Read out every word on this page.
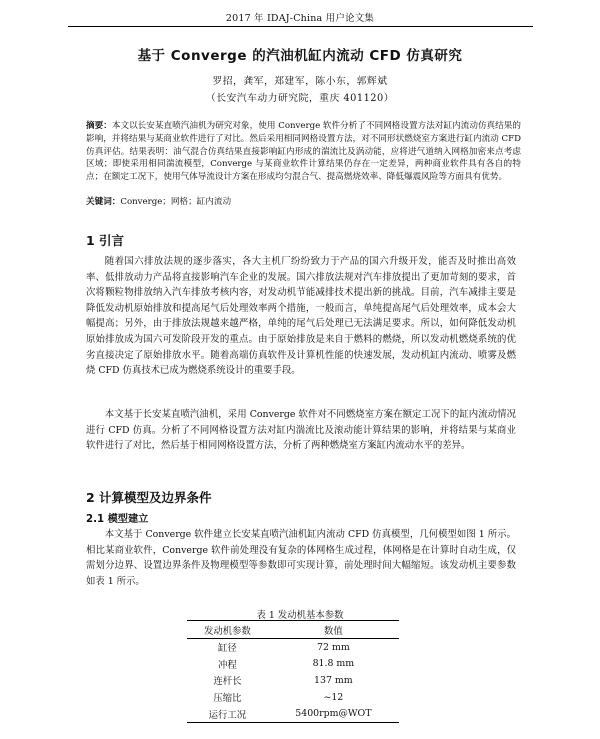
2017 年 IDAJ-China 用户论文集
基于 Converge 的汽油机缸内流动 CFD 仿真研究
罗招，龚军，郑建军，陈小东，郭辉斌
（长安汽车动力研究院，重庆 401120）
摘要：本文以长安某直喷汽油机为研究对象，使用 Converge 软件分析了不同网格设置方法对缸内流动仿真结果的影响，并将结果与某商业软件进行了对比。然后采用相同网格设置方法，对不同形状燃烧室方案进行缸内流动 CFD 仿真评估。结果表明：油气混合仿真结果直接影响缸内形成的湍流比及涡动能，应将进气道纳入网格加密来点考虑区域；即使采用相同湍流模型，Converge 与某商业软件计算结果仍存在一定差异，两种商业软件具有各自的特点；在额定工况下，使用气体导流设计方案在形成均匀混合气、提高燃烧效率、降低爆震风险等方面具有优势。
关键词：Converge；网格；缸内流动
1 引言
随着国六排放法规的逐步落实，各大主机厂纷纷致力于产品的国六升级开发，能否及时推出高效率、低排放动力产品将直接影响汽车企业的发展。国六排放法规对汽车排放提出了更加苛刻的要求，首次将颗粒物排放纳入汽车排放考核内容，对发动机节能减排技术提出新的挑战。目前，汽车减排主要是降低发动机原始排放和提高尾气后处理效率两个措施，一般而言，单纯提高尾气后处理效率，成本会大幅提高；另外，由于排放法规越来越严格，单纯的尾气后处理已无法满足要求。所以，如何降低发动机原始排放成为国六可发阶段开发的重点。由于原始排放是来自于燃料的燃烧，所以发动机燃烧系统的优劣直接决定了原始排放水平。随着高端仿真软件及计算机性能的快速发展，发动机缸内流动、喷雾及燃烧 CFD 仿真技术已成为燃烧系统设计的重要手段。
本文基于长安某直喷汽油机，采用 Converge 软件对不同燃烧室方案在额定工况下的缸内流动情况进行 CFD 仿真。分析了不同网格设置方法对缸内湍流比及滚动能计算结果的影响，并将结果与某商业软件进行了对比，然后基于相同网格设置方法，分析了两种燃烧室方案缸内流动水平的差异。
2 计算模型及边界条件
2.1 模型建立
本文基于 Converge 软件建立长安某直喷汽油机缸内流动 CFD 仿真模型，几何模型如图 1 所示。相比某商业软件，Converge 软件前处理没有复杂的体网格生成过程，体网格是在计算时自动生成，仅需划分边界、设置边界条件及物理模型等参数即可实现计算，前处理时间大幅缩短。该发动机主要参数如表 1 所示。
表 1 发动机基本参数
发动机参数	数值
缸径	72 mm
冲程	81.8 mm
连杆长	137 mm
压缩比	~12
运行工况	5400rpm@WOT
